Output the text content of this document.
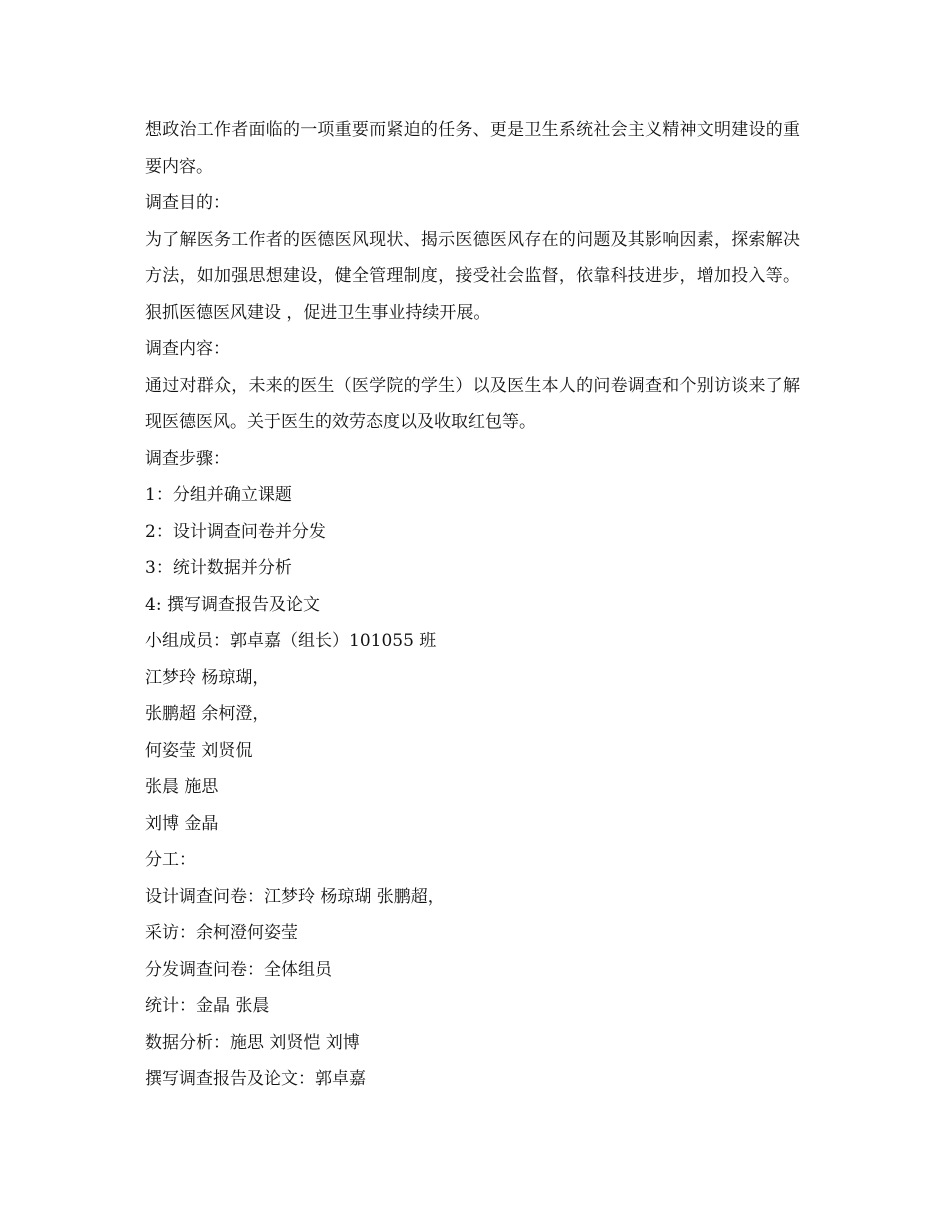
想政治工作者面临的一项重要而紧迫的任务、更是卫生系统社会主义精神文明建设的重要内容。

调查目的：

为了解医务工作者的医德医风现状、揭示医德医风存在的问题及其影响因素，探索解决方法，如加强思想建设，健全管理制度，接受社会监督，依靠科技进步，增加投入等。 狠抓医德医风建设 ，促进卫生事业持续开展。

调查内容：

通过对群众，未来的医生（医学院的学生）以及医生本人的问卷调查和个别访谈来了解现医德医风。关于医生的效劳态度以及收取红包等。

调查步骤：

1：分组并确立课题

2：设计调查问卷并分发

3：统计数据并分析

4: 撰写调查报告及论文

小组成员：郭卓嘉（组长）101055 班

江梦玲 杨琼瑚，

张鹏超 余柯澄，

何姿莹 刘贤侃

张晨 施思

刘博 金晶

分工：

设计调查问卷：江梦玲 杨琼瑚 张鹏超，

采访：余柯澄何姿莹

分发调查问卷：全体组员

统计：金晶 张晨

数据分析：施思 刘贤恺 刘博

撰写调查报告及论文：郭卓嘉
